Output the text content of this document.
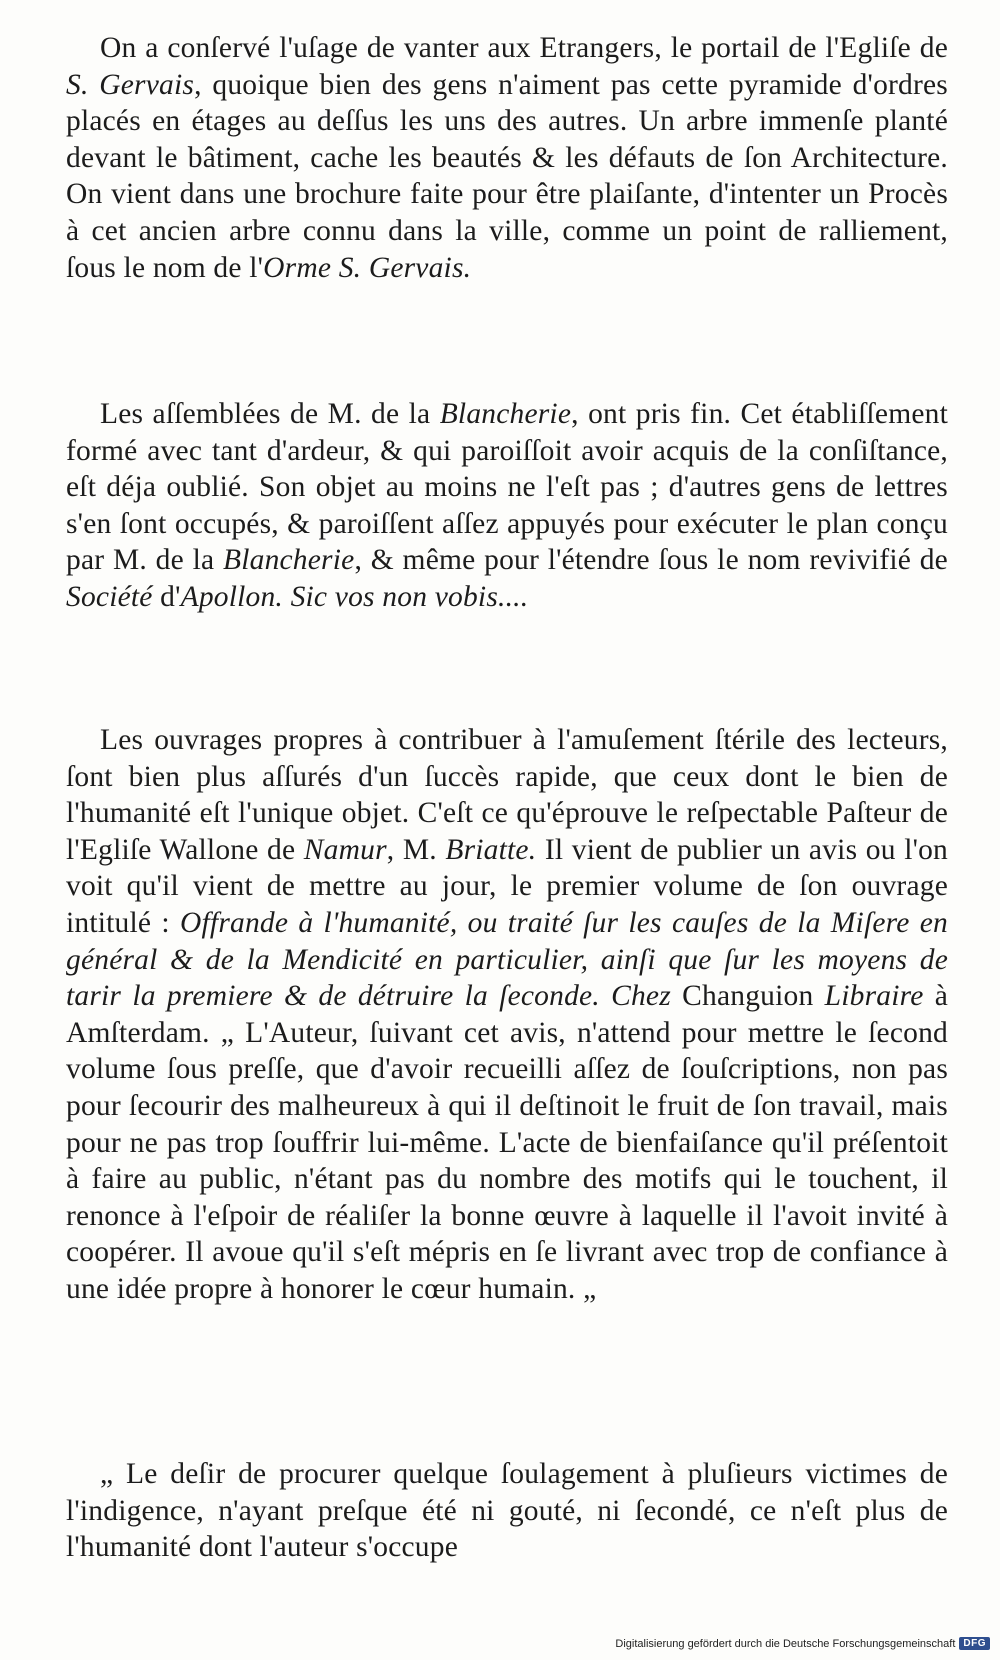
On a conſervé l'uſage de vanter aux Etrangers, le portail de l'Egliſe de S. Gervais, quoique bien des gens n'aiment pas cette pyramide d'ordres placés en étages au deſſus les uns des autres. Un arbre immenſe planté devant le bâtiment, cache les beautés & les défauts de ſon Architecture. On vient dans une brochure faite pour être plaiſante, d'intenter un Procès à cet ancien arbre connu dans la ville, comme un point de ralliement, ſous le nom de l'Orme S. Gervais.

Les aſſemblées de M. de la Blancherie, ont pris fin. Cet établiſſement formé avec tant d'ardeur, & qui paroiſſoit avoir acquis de la conſiſtance, eſt déja oublié. Son objet au moins ne l'eſt pas ; d'autres gens de lettres s'en ſont occupés, & paroiſſent aſſez appuyés pour exécuter le plan conçu par M. de la Blancherie, & même pour l'étendre ſous le nom revivifié de Société d'Apollon. Sic vos non vobis....

Les ouvrages propres à contribuer à l'amuſement ſtérile des lecteurs, ſont bien plus aſſurés d'un ſuccès rapide, que ceux dont le bien de l'humanité eſt l'unique objet. C'eſt ce qu'éprouve le reſpectable Paſteur de l'Egliſe Wallone de Namur, M. Briatte. Il vient de publier un avis ou l'on voit qu'il vient de mettre au jour, le premier volume de ſon ouvrage intitulé : Offrande à l'humanité, ou traité ſur les cauſes de la Miſere en général & de la Mendicité en particulier, ainſi que ſur les moyens de tarir la premiere & de détruire la ſeconde. Chez Changuion Libraire à Amſterdam. „ L'Auteur, ſuivant cet avis, n'attend pour mettre le ſecond volume ſous preſſe, que d'avoir recueilli aſſez de ſouſcriptions, non pas pour ſecourir des malheureux à qui il deſtinoit le fruit de ſon travail, mais pour ne pas trop ſouffrir lui-même. L'acte de bienfaiſance qu'il préſentoit à faire au public, n'étant pas du nombre des motifs qui le touchent, il renonce à l'eſpoir de réaliſer la bonne œuvre à laquelle il l'avoit invité à coopérer. Il avoue qu'il s'eſt mépris en ſe livrant avec trop de confiance à une idée propre à honorer le cœur humain. „

„ Le deſir de procurer quelque ſoulagement à pluſieurs victimes de l'indigence, n'ayant preſque été ni gouté, ni ſecondé, ce n'eſt plus de l'humanité dont l'auteur s'occupe

Digitalisierung gefördert durch die Deutsche Forschungsgemeinschaft DFG
